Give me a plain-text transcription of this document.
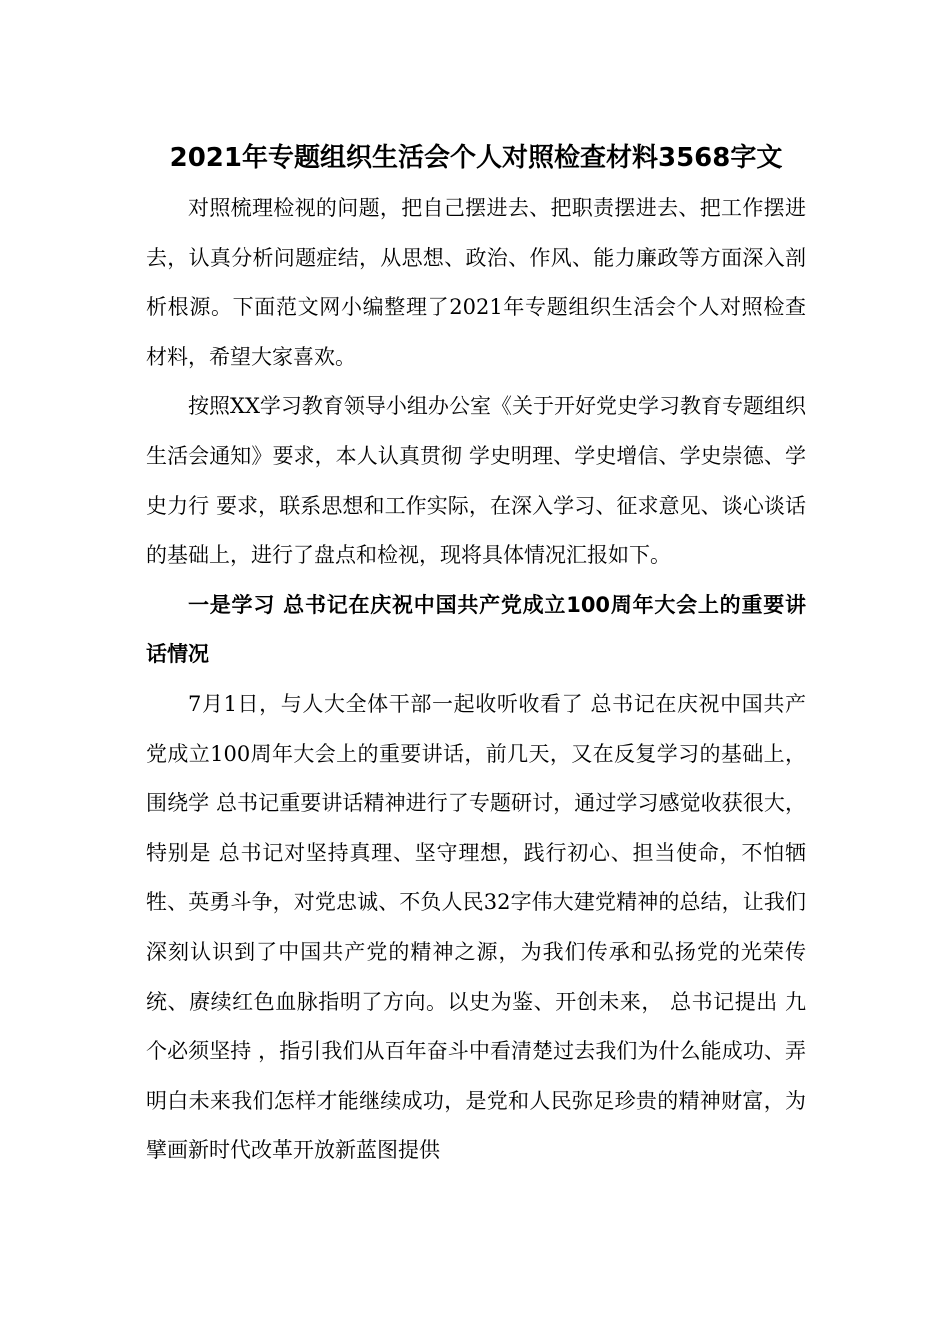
2021年专题组织生活会个人对照检查材料3568字文

对照梳理检视的问题，把自己摆进去、把职责摆进去、把工作摆进去，认真分析问题症结，从思想、政治、作风、能力廉政等方面深入剖析根源。下面范文网小编整理了2021年专题组织生活会个人对照检查材料，希望大家喜欢。

按照XX学习教育领导小组办公室《关于开好党史学习教育专题组织生活会通知》要求，本人认真贯彻 学史明理、学史增信、学史崇德、学史力行 要求，联系思想和工作实际，在深入学习、征求意见、谈心谈话的基础上，进行了盘点和检视，现将具体情况汇报如下。

一是学习 总书记在庆祝中国共产党成立100周年大会上的重要讲话情况

7月1日，与人大全体干部一起收听收看了 总书记在庆祝中国共产党成立100周年大会上的重要讲话，前几天，又在反复学习的基础上，围绕学 总书记重要讲话精神进行了专题研讨，通过学习感觉收获很大，特别是 总书记对坚持真理、坚守理想，践行初心、担当使命，不怕牺牲、英勇斗争，对党忠诚、不负人民32字伟大建党精神的总结，让我们深刻认识到了中国共产党的精神之源，为我们传承和弘扬党的光荣传统、赓续红色血脉指明了方向。以史为鉴、开创未来， 总书记提出 九个必须坚持 ，指引我们从百年奋斗中看清楚过去我们为什么能成功、弄明白未来我们怎样才能继续成功，是党和人民弥足珍贵的精神财富，为擘画新时代改革开放新蓝图提供
